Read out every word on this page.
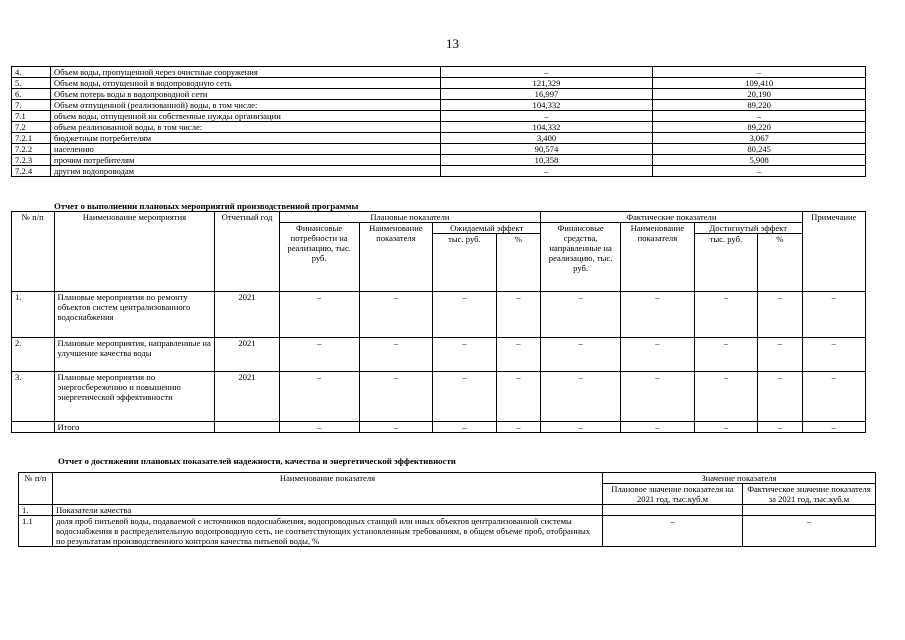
13
4.	Объем воды, пропущенной через очистные сооружения	–	–
5.	Объем воды, отпущенной в водопроводную сеть	121,329	109,410
6.	Объем потерь воды в водопроводной сети	16,997	20,190
7.	Объем отпущенной (реализованной) воды, в том числе:	104,332	89,220
7.1	объем воды, отпущенной на собственные нужды организации	–	–
7.2	объем реализованной воды, в том числе:	104,332	89,220
7.2.1	бюджетным потребителям	3,400	3,067
7.2.2	населению	90,574	80,245
7.2.3	прочим потребителям	10,358	5,908
7.2.4	другим водопроводам	–	–
Отчет о выполнении плановых мероприятий производственной программы
№ п/п	Наименование мероприятия	Отчетный год	Плановые показатели				Фактические показатели				Примечание
			Финансовые потребности на реализацию, тыс. руб.	Наименование показателя	Ожидаемый эффект		Финансовые средства, направленные на реализацию, тыс. руб.	Наименование показателя	Достигнутый эффект		
					тыс. руб.	%			тыс. руб.	%	
1.	Плановые мероприятия по ремонту объектов систем централизованного водоснабжения	2021	–	–	–	–	–	–	–	–	–
2.	Плановые мероприятия, направленные на улучшение качества воды	2021	–	–	–	–	–	–	–	–	–
3.	Плановые мероприятия по энергосбережению и повышению энергетической эффективности	2021	–	–	–	–	–	–	–	–	–
	Итого		–	–	–	–	–	–	–	–	–
Отчет о достижении плановых показателей надежности, качества и энергетической эффективности
№ п/п	Наименование показателя	Значение показателя	
		Плановое значение показателя на 2021 год, тыс.куб.м	Фактическое значение показателя за 2021 год, тыс.куб.м
1.	Показатели качества		
1.1	доля проб питьевой воды, подаваемой с источников водоснабжения, водопроводных станций или иных объектов централизованной системы водоснабжения в распределительную водопроводную сеть, не соответствующих установленным требованиям, в общем объеме проб, отобранных по результатам производственного контроля качества питьевой воды, %	–	–
